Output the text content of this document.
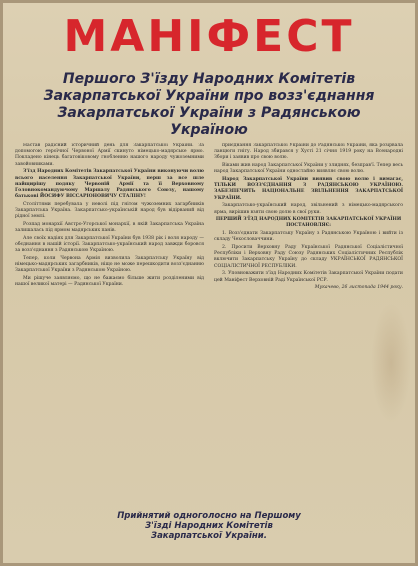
МАНІФЕСТ
Першого З'їзду Народних Комітетів Закарпатської України про возз'єднання Закарпатської України з Радянською Україною

Настав радісний історичний день для Закарпатської України. За допомогою героїчної Червоної Армії скинуто німецько-мадярське ярмо. Покладено кінець багатовіковому гнобленню нашого народу чужоземними завойовниками.

З'їзд Народних Комітетів Закарпатської України виконуючи волю всього населення Закарпатської України, перш за все шле найщирішу подяку Червоній Армії та її Верховному Головнокомандуючому Маршалу Радянського Союзу, нашому батькові ЙОСИФУ ВІССАРІОНОВИЧУ СТАЛІНУ!

Століттями перебувала у неволі під гнітом чужоземних загарбників Закарпатська Україна. Закарпатсько-українській народ був відірваний від рідної землі.

Розпад монархії Австро-Угорської монархії, в якій Закарпатська Україна залишалась під ярмом мадярських панів.

Але своїх надіях для Закарпатської України був 1938 рік і воля народу — обєднання в нашій історії. Закарпатсько-український народ завжди боровся за возз'єднання з Радянською Україною.

Тепер, коли Червона Армія визволила Закарпатську Україну від німецько-мадярських загарбників, ніщо не може перешкодити возз'єднанню Закарпатської України з Радянською Україною.

Ми рішуче заявляємо, що не бажаємо більше жити розділеними від нашої великої матері — Радянської України.

приєднання Закарпатської України до Радянської України, яка розірвала ланцюги гніту. Народ збирався у Хусті 21 січня 1919 року на Всенародні Збори і заявив про свою волю.

Віками жив народ Закарпатської України у злиднях, безправ'ї. Тепер весь народ Закарпатської України одностайно виявляє свою волю.

Народ Закарпатської України виявив свою волю і вимагає, ТІЛЬКИ ВОЗЗ'ЄДНАННЯ З РАДЯНСЬКОЮ УКРАЇНОЮ. ЗАБЕЗПЕЧИТЬ НАЦІОНАЛЬНЕ ЗВІЛЬНЕННЯ ЗАКАРПАТСЬКОЇ УКРАЇНИ.

Закарпатсько-український народ, звільнений з німецько-мадярського ярма, вирішив взяти свою долю в свої руки.

ПЕРШИЙ З'ЇЗД НАРОДНИХ КОМІТЕТІВ ЗАКАРПАТСЬКОЇ УКРАЇНИ ПОСТАНОВЛЯЄ:

1. Возз'єднати Закарпатську Україну з Радянською Україною і вийти із складу Чехословаччини.

2. Просити Верховну Раду Української Радянської Соціалістичної Республіки і Верховну Раду Союзу Радянських Соціалістичних Республік включити Закарпатську Україну до складу УКРАЇНСЬКОЇ РАДЯНСЬКОЇ СОЦІАЛІСТИЧНОЇ РЕСПУБЛІКИ.

3. Уповноважити з'їзд Народних Комітетів Закарпатської України подати цей Маніфест Верховній Раді Української РСР.

Мукачево, 26 листопада 1944 року.

Прийнятий одноголосно на Першому
З'їзді Народних Комітетів
Закарпатської України.
